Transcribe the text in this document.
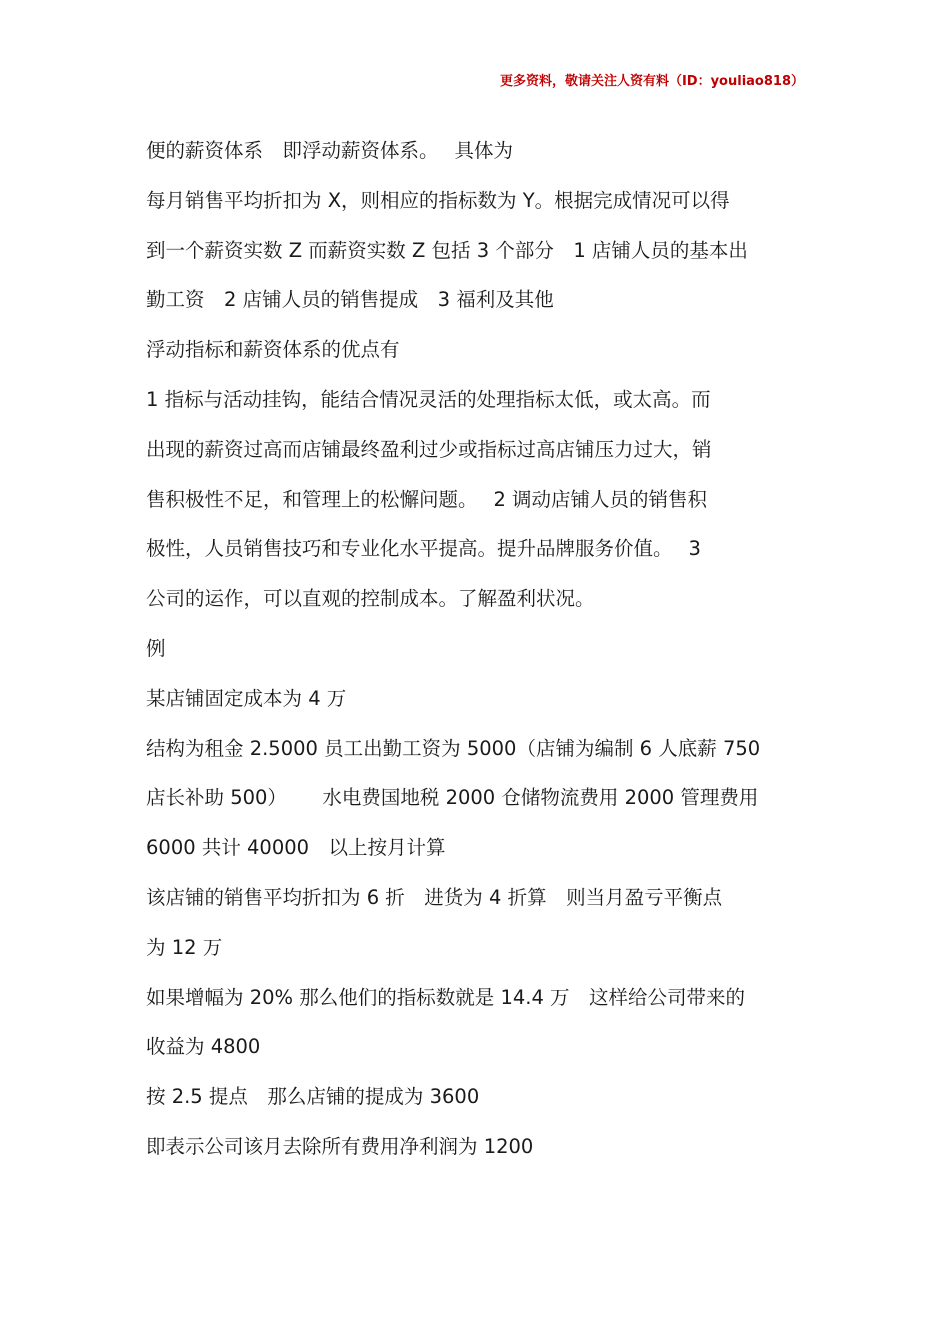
更多资料，敬请关注人资有料（ID：youliao818）
便的薪资体系　即浮动薪资体系。　 具体为
每月销售平均折扣为 X，则相应的指标数为 Y。根据完成情况可以得
到一个薪资实数 Z 而薪资实数 Z 包括 3 个部分　1 店铺人员的基本出
勤工资　2 店铺人员的销售提成　3 福利及其他
浮动指标和薪资体系的优点有
1 指标与活动挂钩，能结合情况灵活的处理指标太低，或太高。而
出现的薪资过高而店铺最终盈利过少或指标过高店铺压力过大，销
售积极性不足，和管理上的松懈问题。　 2 调动店铺人员的销售积
极性，人员销售技巧和专业化水平提高。提升品牌服务价值。　 3
公司的运作，可以直观的控制成本。了解盈利状况。
例
某店铺固定成本为 4 万
结构为租金 2.5000 员工出勤工资为 5000（店铺为编制 6 人底薪 750
店长补助 500）　　 水电费国地税 2000 仓储物流费用 2000 管理费用
6000 共计 40000　以上按月计算
该店铺的销售平均折扣为 6 折　进货为 4 折算　则当月盈亏平衡点
为 12 万
如果增幅为 20% 那么他们的指标数就是 14.4 万　这样给公司带来的
收益为 4800
按 2.5 提点　那么店铺的提成为 3600
即表示公司该月去除所有费用净利润为 1200
